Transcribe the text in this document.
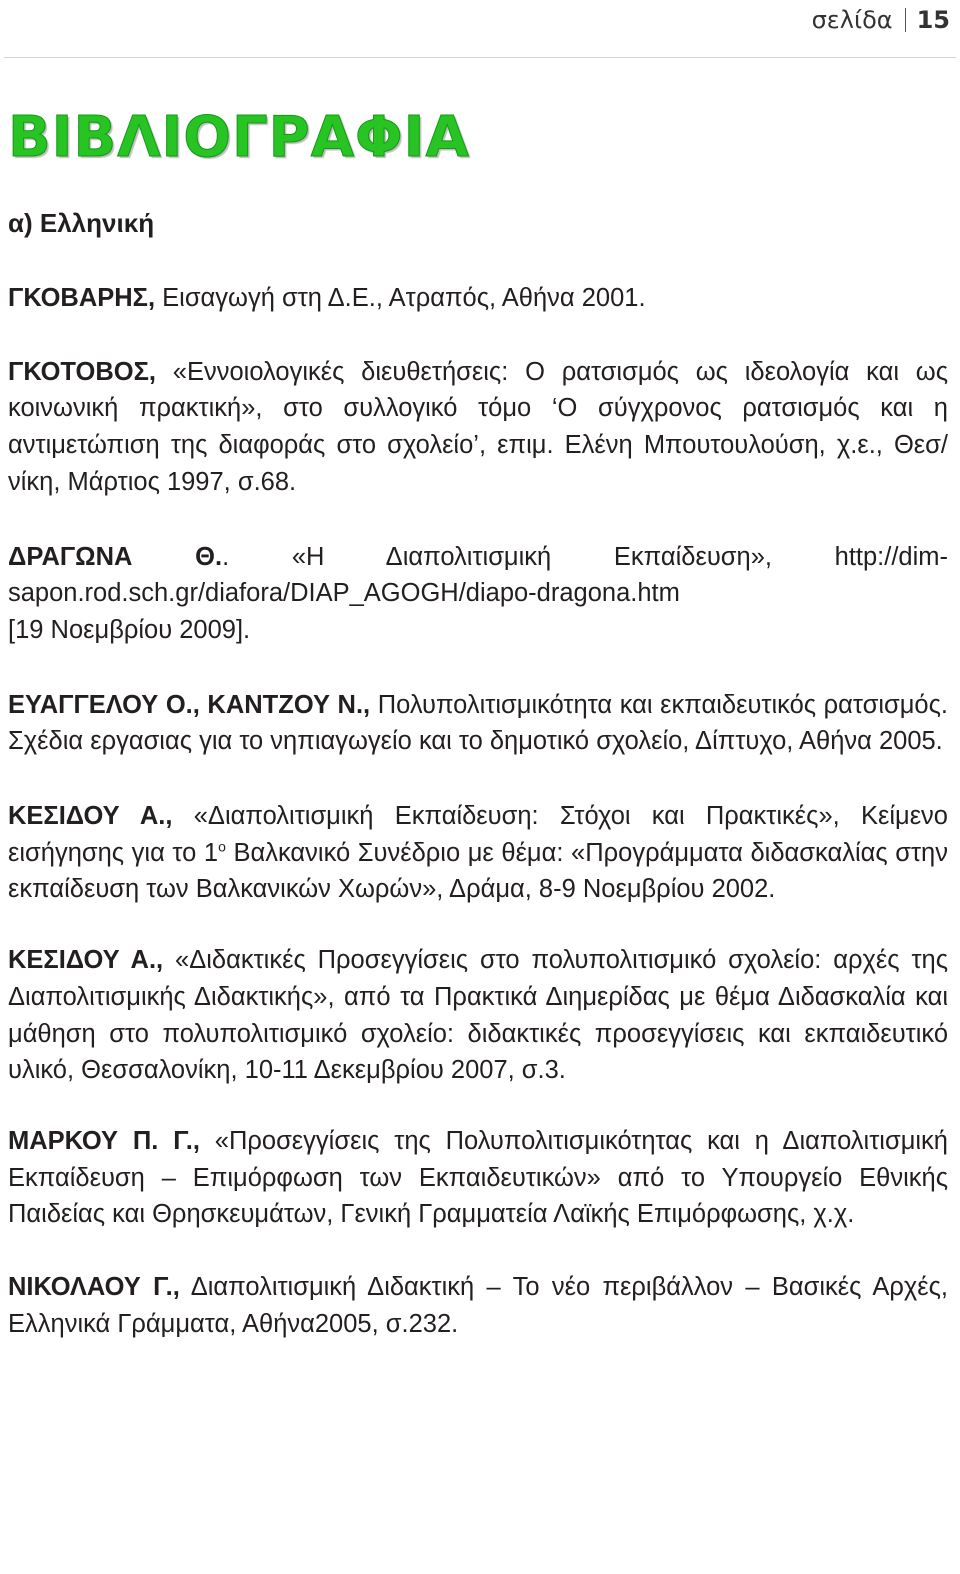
σελίδα 15
ΒΙΒΛΙΟΓΡΑΦΙΑ
α) Ελληνική

ΓΚΟΒΑΡΗΣ, Εισαγωγή στη Δ.Ε., Ατραπός, Αθήνα 2001.

ΓΚΟΤΟΒΟΣ, «Εννοιολογικές διευθετήσεις: Ο ρατσισμός ως ιδεολογία και ως κοινωνική πρακτική», στο συλλογικό τόμο ‘Ο σύγχρονος ρατσισμός και η αντιμετώπιση της διαφοράς στο σχολείο’, επιμ. Ελένη Μπουτουλούση, χ.ε., Θεσ/νίκη, Μάρτιος 1997, σ.68.

ΔΡΑΓΩΝΑ Θ.. «Η Διαπολιτισμική Εκπαίδευση», http://dim-sapon.rod.sch.gr/diafora/DIAP_AGOGH/diapo-dragona.htm
[19 Νοεμβρίου 2009].

ΕΥΑΓΓΕΛΟΥ Ο., ΚΑΝΤΖΟΥ Ν., Πολυπολιτισμικότητα και εκπαιδευτικός ρατσισμός. Σχέδια εργασιας για το νηπιαγωγείο και το δημοτικό σχολείο, Δίπτυχο, Αθήνα 2005.

ΚΕΣΙΔΟΥ Α., «Διαπολιτισμική Εκπαίδευση: Στόχοι και Πρακτικές», Κείμενο εισήγησης για το $1^o$ Βαλκανικό Συνέδριο με θέμα: «Προγράμματα διδασκαλίας στην εκπαίδευση των Βαλκανικών Χωρών», Δράμα, 8-9 Νοεμβρίου 2002.

ΚΕΣΙΔΟΥ Α., «Διδακτικές Προσεγγίσεις στο πολυπολιτισμικό σχολείο: αρχές της Διαπολιτισμικής Διδακτικής», από τα Πρακτικά Διημερίδας με θέμα Διδασκαλία και μάθηση στο πολυπολιτισμικό σχολείο: διδακτικές προσεγγίσεις και εκπαιδευτικό υλικό, Θεσσαλονίκη, 10-11 Δεκεμβρίου 2007, σ.3.

ΜΑΡΚΟΥ Π. Γ., «Προσεγγίσεις της Πολυπολιτισμικότητας και η Διαπολιτισμική Εκπαίδευση – Επιμόρφωση των Εκπαιδευτικών» από το Υπουργείο Εθνικής Παιδείας και Θρησκευμάτων, Γενική Γραμματεία Λαϊκής Επιμόρφωσης, χ.χ.

ΝΙΚΟΛΑΟΥ Γ., Διαπολιτισμική Διδακτική – Το νέο περιβάλλον – Βασικές Αρχές, Ελληνικά Γράμματα, Αθήνα2005, σ.232.
